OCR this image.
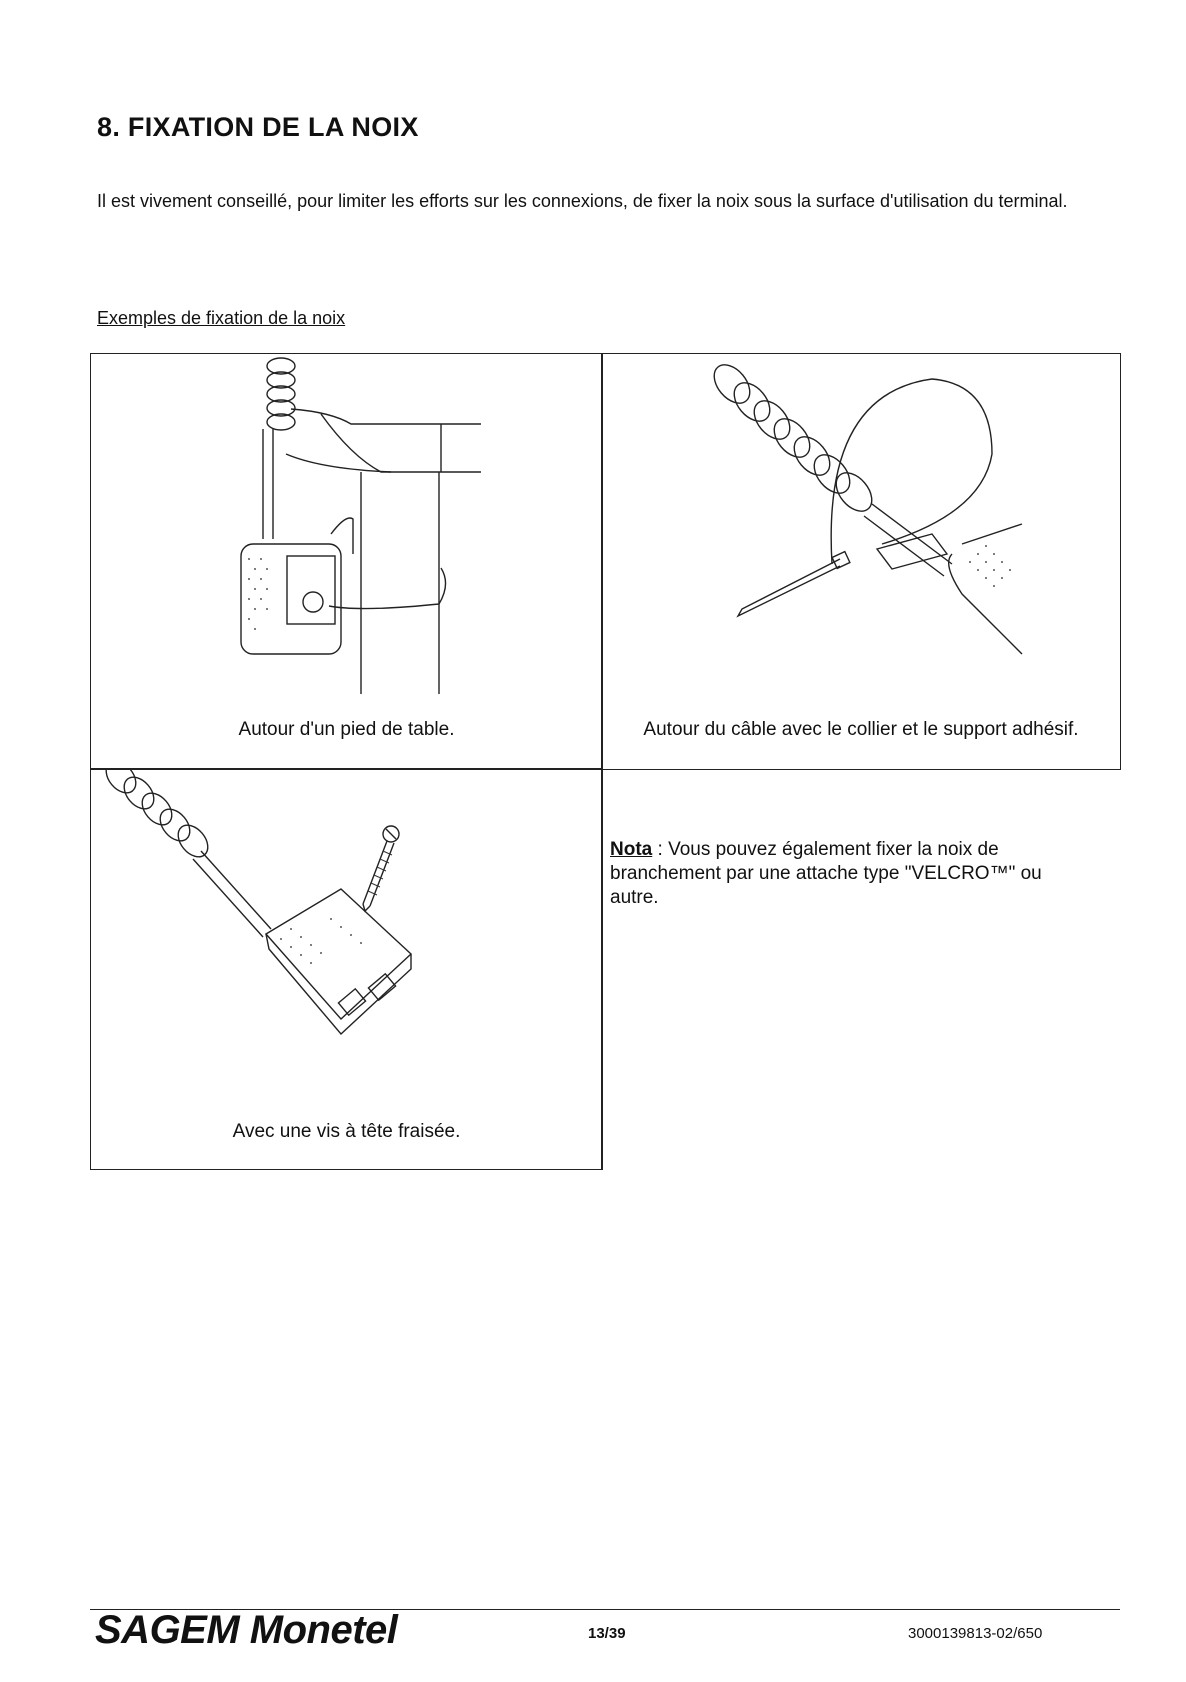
8. FIXATION DE LA NOIX
Il est vivement conseillé, pour limiter les efforts sur les connexions, de fixer la noix sous la surface d'utilisation du terminal.
Exemples de fixation de la noix
Autour d'un pied de table.	Autour du câble avec le collier et le support adhésif.
Avec une vis à tête fraisée.
Nota : Vous pouvez également fixer la noix de branchement par une attache type "VELCRO™" ou autre.
SAGEM Monetel	13/39	3000139813-02/650
